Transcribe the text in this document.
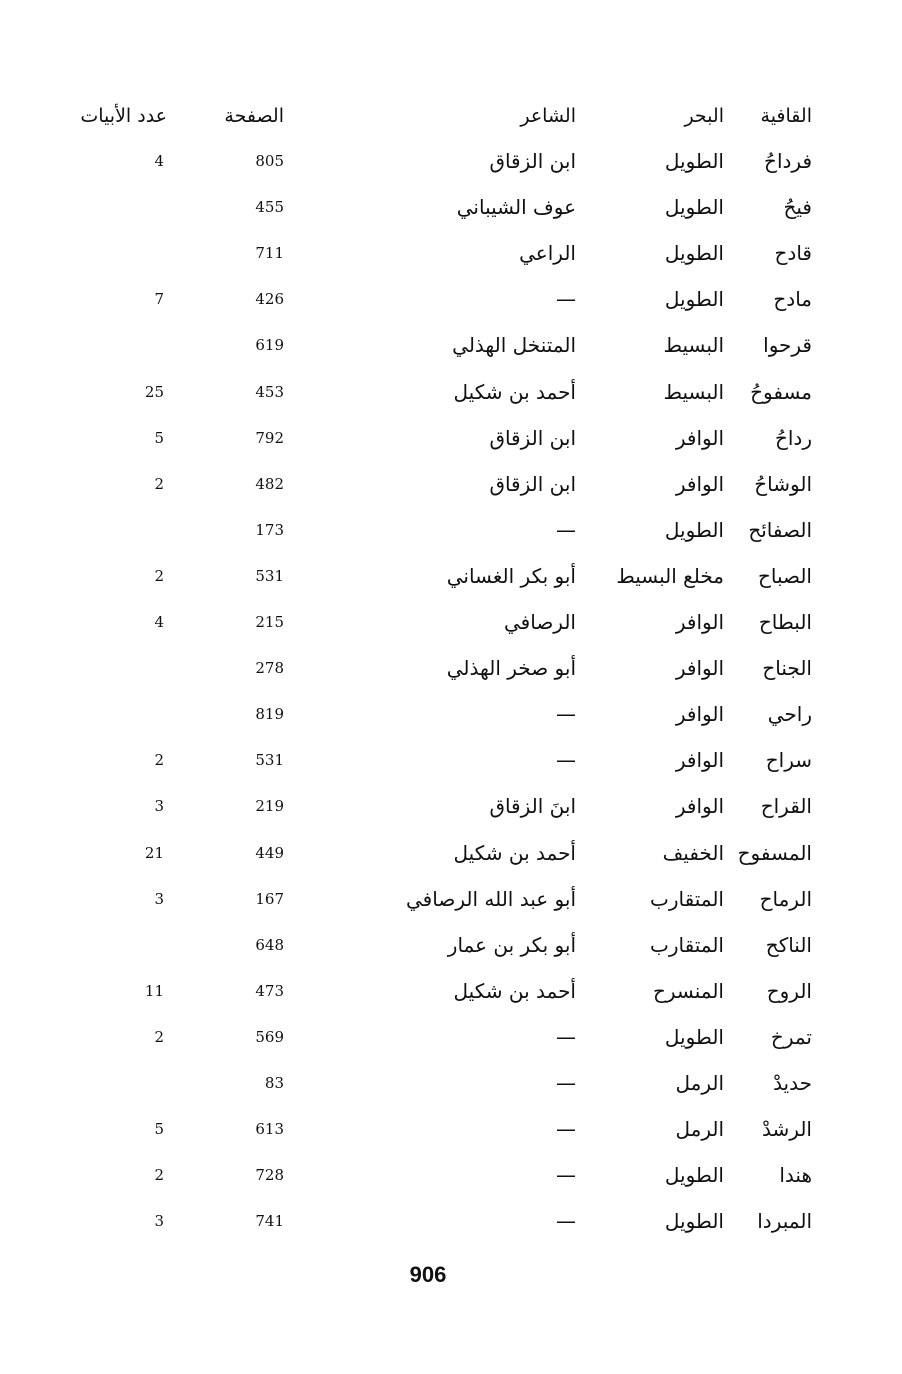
القافية
البحر
الشاعر
الصفحة
عدد الأبيات
فرداحُ
الطويل
ابن الزقاق
805
4
فيحُ
الطويل
عوف الشيباني
455
قادح
الطويل
الراعي
711
مادح
الطويل
—
426
7
قرحوا
البسيط
المتنخل الهذلي
619
مسفوحُ
البسيط
أحمد بن شكيل
453
25
رداحُ
الوافر
ابن الزقاق
792
5
الوشاحُ
الوافر
ابن الزقاق
482
2
الصفائح
الطويل
—
173
الصباح
مخلع البسيط
أبو بكر الغساني
531
2
البطاح
الوافر
الرصافي
215
4
الجناح
الوافر
أبو صخر الهذلي
278
راحي
الوافر
—
819
سراح
الوافر
—
531
2
القراح
الوافر
ابنَ الزقاق
219
3
المسفوح
الخفيف
أحمد بن شكيل
449
21
الرماح
المتقارب
أبو عبد الله الرصافي
167
3
الناكح
المتقارب
أبو بكر بن عمار
648
الروح
المنسرح
أحمد بن شكيل
473
11
تمرخ
الطويل
—
569
2
حديدْ
الرمل
—
83
الرشدْ
الرمل
—
613
5
هندا
الطويل
—
728
2
المبردا
الطويل
—
741
3
906
